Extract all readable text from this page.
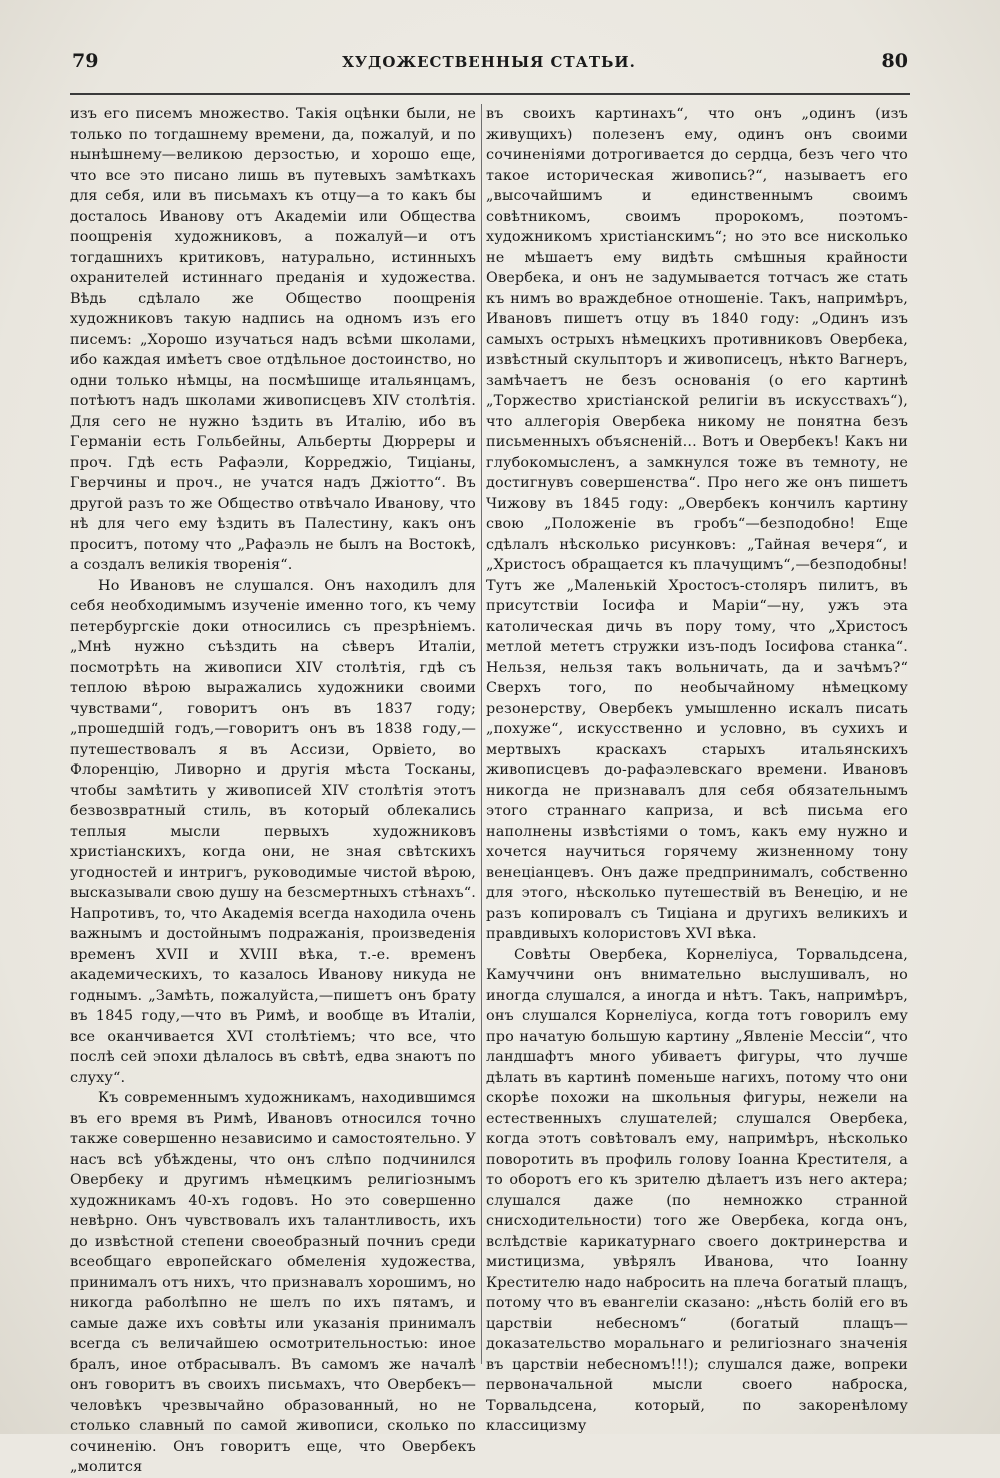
79	ХУДОЖЕСТВЕННЫЯ СТАТЬИ.	80

изъ его писемъ множество. Такія оцѣнки были, не только по тогдашнему времени, да, пожалуй, и по нынѣшнему—великою дерзостью, и хорошо еще, что все это писано лишь въ путевыхъ замѣткахъ для себя, или въ письмахъ къ отцу—а то какъ бы досталось Иванову отъ Академіи или Общества поощренія художниковъ, а пожалуй—и отъ тогдашнихъ критиковъ, натурально, истинныхъ охранителей истиннаго преданія и художества. Вѣдь сдѣлало же Общество поощренія художниковъ такую надпись на одномъ изъ его писемъ: „Хорошо изучаться надъ всѣми школами, ибо каждая имѣетъ свое отдѣльное достоинство, но одни только нѣмцы, на посмѣшище итальянцамъ, потѣютъ надъ школами живописцевъ XIV столѣтія. Для сего не нужно ѣздить въ Италію, ибо въ Германіи есть Гольбейны, Альберты Дюрреры и проч. Гдѣ есть Рафаэли, Корреджіо, Тиціаны, Гверчины и проч., не учатся надъ Джіотто“. Въ другой разъ то же Общество отвѣчало Иванову, что нѣ для чего ему ѣздить въ Палестину, какъ онъ проситъ, потому что „Рафаэль не былъ на Востокѣ, а создалъ великія творенія“.

Но Ивановъ не слушался. Онъ находилъ для себя необходимымъ изученіе именно того, къ чему петербургскіе доки относились съ презрѣніемъ. „Мнѣ нужно съѣздить на сѣверъ Италіи, посмотрѣть на живописи XIV столѣтія, гдѣ съ теплою вѣрою выражались художники своими чувствами“, говоритъ онъ въ 1837 году; „прошедшій годъ,—говоритъ онъ въ 1838 году,—путешествовалъ я въ Ассизи, Орвіето, во Флоренцію, Ливорно и другія мѣста Тосканы, чтобы замѣтить у живописей XIV столѣтія этотъ безвозвратный стиль, въ который облекались теплыя мысли первыхъ художниковъ христіанскихъ, когда они, не зная свѣтскихъ угодностей и интригъ, руководимые чистой вѣрою, высказывали свою душу на безсмертныхъ стѣнахъ“. Напротивъ, то, что Академія всегда находила очень важнымъ и достойнымъ подражанія, произведенія временъ XVII и XVIII вѣка, т.-е. временъ академическихъ, то казалось Иванову никуда не годнымъ. „Замѣть, пожалуйста,—пишетъ онъ брату въ 1845 году,—что въ Римѣ, и вообще въ Италіи, все оканчивается XVI столѣтіемъ; что все, что послѣ сей эпохи дѣлалось въ свѣтѣ, едва знаютъ по слуху“.

Къ современнымъ художникамъ, находившимся въ его время въ Римѣ, Ивановъ относился точно также совершенно независимо и самостоятельно. У насъ всѣ убѣждены, что онъ слѣпо подчинился Овербеку и другимъ нѣмецкимъ религіознымъ художникамъ 40-хъ годовъ. Но это совершенно невѣрно. Онъ чувствовалъ ихъ талантливость, ихъ до извѣстной степени своеобразный почниъ среди всеобщаго европейскаго обмеленія художества, принималъ отъ нихъ, что признавалъ хорошимъ, но никогда раболѣпно не шелъ по ихъ пятамъ, и самые даже ихъ совѣты или указанія принималъ всегда съ величайшею осмотрительностью: иное бралъ, иное отбрасывалъ. Въ самомъ же началѣ онъ говоритъ въ своихъ письмахъ, что Овербекъ—человѣкъ чрезвычайно образованный, но не столько славный по самой живописи, сколько по сочиненію. Онъ говоритъ еще, что Овербекъ „молится

въ своихъ картинахъ“, что онъ „одинъ (изъ живущихъ) полезенъ ему, одинъ онъ своими сочиненіями дотрогивается до сердца, безъ чего что такое историческая живопись?“, называетъ его „высочайшимъ и единственнымъ своимъ совѣтникомъ, своимъ пророкомъ, поэтомъ-художникомъ христіанскимъ“; но это все нисколько не мѣшаетъ ему видѣть смѣшныя крайности Овербека, и онъ не задумывается тотчасъ же стать къ нимъ во враждебное отношеніе. Такъ, напримѣръ, Ивановъ пишетъ отцу въ 1840 году: „Одинъ изъ самыхъ острыхъ нѣмецкихъ противниковъ Овербека, извѣстный скульпторъ и живописецъ, нѣкто Вагнеръ, замѣчаетъ не безъ основанія (о его картинѣ „Торжество христіанской религіи въ искусствахъ“), что аллегорія Овербека никому не понятна безъ письменныхъ объясненій... Вотъ и Овербекъ! Какъ ни глубокомысленъ, а замкнулся тоже въ темноту, не достигнувъ совершенства“. Про него же онъ пишетъ Чижову въ 1845 году: „Овербекъ кончилъ картину свою „Положеніе въ гробъ“—безподобно! Еще сдѣлалъ нѣсколько рисунковъ: „Тайная вечеря“, и „Христосъ обращается къ плачущимъ“,—безподобны! Тутъ же „Маленькій Хростосъ-столяръ пилитъ, въ присутствіи Іосифа и Маріи“—ну, ужъ эта католическая дичь въ пору тому, что „Христосъ метлой мететъ стружки изъ-подъ Іосифова станка“. Нельзя, нельзя такъ вольничать, да и зачѣмъ?“ Сверхъ того, по необычайному нѣмецкому резонерству, Овербекъ умышленно искалъ писать „похуже“, искусственно и условно, въ сухихъ и мертвыхъ краскахъ старыхъ итальянскихъ живописцевъ до-рафаэлевскаго времени. Ивановъ никогда не признавалъ для себя обязательнымъ этого страннаго каприза, и всѣ письма его наполнены извѣстіями о томъ, какъ ему нужно и хочется научиться горячему жизненному тону венеціанцевъ. Онъ даже предпринималъ, собственно для этого, нѣсколько путешествій въ Венецію, и не разъ копировалъ съ Тиціана и другихъ великихъ и правдивыхъ колористовъ XVI вѣка.

Совѣты Овербека, Корнеліуса, Торвальдсена, Камуччини онъ внимательно выслушивалъ, но иногда слушался, а иногда и нѣтъ. Такъ, напримѣръ, онъ слушался Корнеліуса, когда тотъ говорилъ ему про начатую большую картину „Явленіе Мессіи“, что ландшафтъ много убиваетъ фигуры, что лучше дѣлать въ картинѣ поменьше нагихъ, потому что они скорѣе похожи на школьныя фигуры, нежели на естественныхъ слушателей; слушался Овербека, когда этотъ совѣтовалъ ему, напримѣръ, нѣсколько поворотить въ профиль голову Іоанна Крестителя, а то оборотъ его къ зрителю дѣлаетъ изъ него актера; слушался даже (по немножко странной снисходительности) того же Овербека, когда онъ, вслѣдствіе карикатурнаго своего доктринерства и мистицизма, увѣрялъ Иванова, что Іоанну Крестителю надо набросить на плеча богатый плащъ, потому что въ евангеліи сказано: „нѣсть болій его въ царствіи небесномъ“ (богатый плащъ—доказательство моральнаго и религіознаго значенія въ царствіи небесномъ!!!); слушался даже, вопреки первоначальной мысли своего наброска, Торвальдсена, который, по закоренѣлому классицизму
